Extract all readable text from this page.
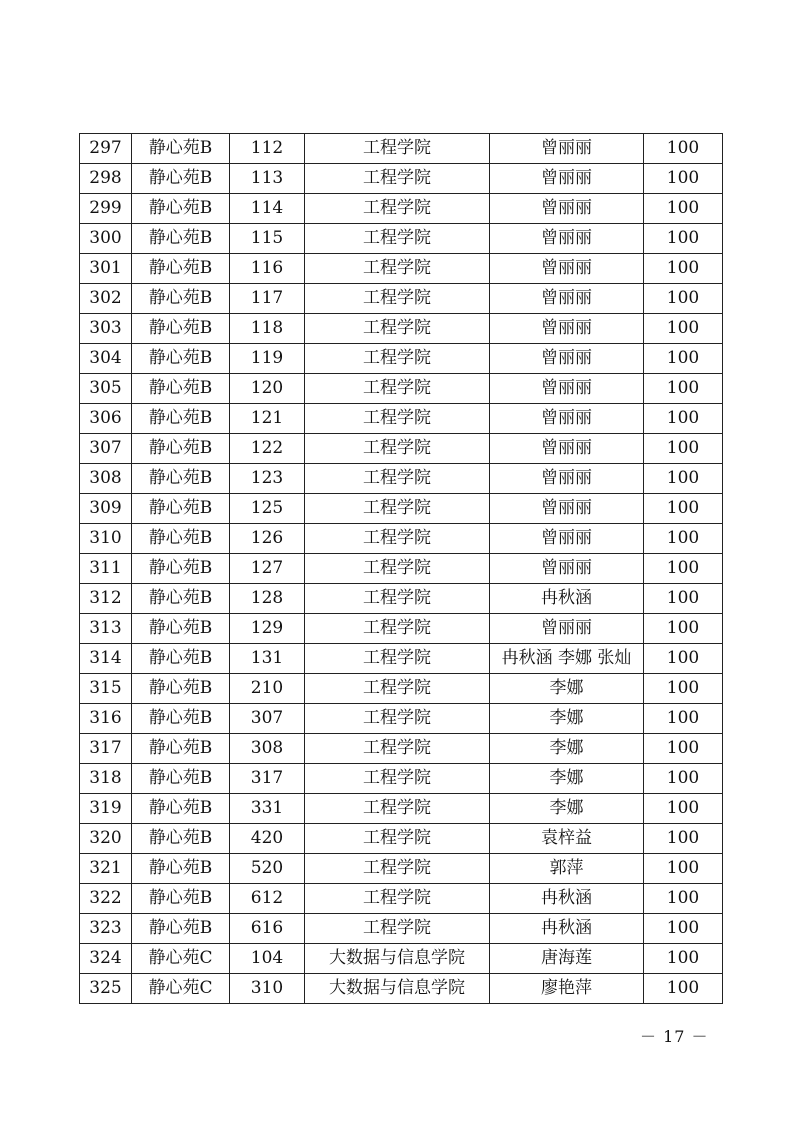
297	静心苑B	112	工程学院	曾丽丽	100
298	静心苑B	113	工程学院	曾丽丽	100
299	静心苑B	114	工程学院	曾丽丽	100
300	静心苑B	115	工程学院	曾丽丽	100
301	静心苑B	116	工程学院	曾丽丽	100
302	静心苑B	117	工程学院	曾丽丽	100
303	静心苑B	118	工程学院	曾丽丽	100
304	静心苑B	119	工程学院	曾丽丽	100
305	静心苑B	120	工程学院	曾丽丽	100
306	静心苑B	121	工程学院	曾丽丽	100
307	静心苑B	122	工程学院	曾丽丽	100
308	静心苑B	123	工程学院	曾丽丽	100
309	静心苑B	125	工程学院	曾丽丽	100
310	静心苑B	126	工程学院	曾丽丽	100
311	静心苑B	127	工程学院	曾丽丽	100
312	静心苑B	128	工程学院	冉秋涵	100
313	静心苑B	129	工程学院	曾丽丽	100
314	静心苑B	131	工程学院	冉秋涵 李娜 张灿	100
315	静心苑B	210	工程学院	李娜	100
316	静心苑B	307	工程学院	李娜	100
317	静心苑B	308	工程学院	李娜	100
318	静心苑B	317	工程学院	李娜	100
319	静心苑B	331	工程学院	李娜	100
320	静心苑B	420	工程学院	袁梓益	100
321	静心苑B	520	工程学院	郭萍	100
322	静心苑B	612	工程学院	冉秋涵	100
323	静心苑B	616	工程学院	冉秋涵	100
324	静心苑C	104	大数据与信息学院	唐海莲	100
325	静心苑C	310	大数据与信息学院	廖艳萍	100
－ 17 －
